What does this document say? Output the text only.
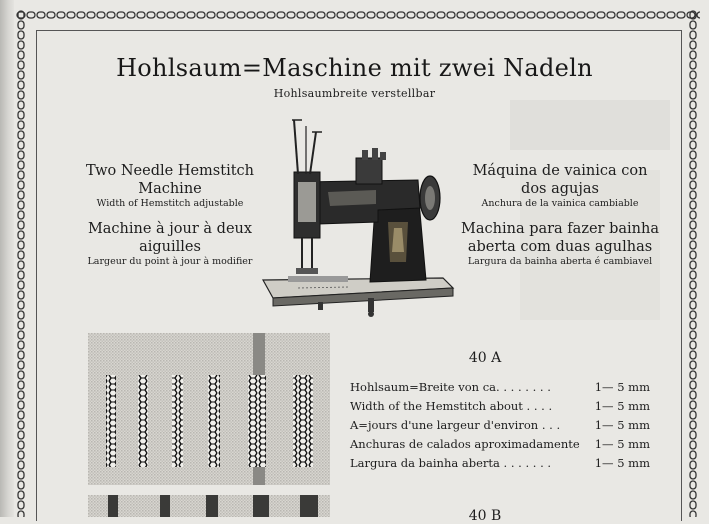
Hohlsaum=Maschine mit zwei Nadeln
Hohlsaumbreite verstellbar
Two Needle Hemstitch
Machine
Width of Hemstitch adjustable
Machine à jour à deux
aiguilles
Largeur du point à jour à modifier
Máquina de vainica con
dos agujas
Anchura de la vainica cambiable
Machina para fazer bainha
aberta com duas agulhas
Largura da bainha aberta é cambiavel
40 A
Hohlsaum=Breite von ca. . . . . . . .	1— 5 mm
Width of the Hemstitch about . . . .	1— 5 mm
A=jours d'une largeur d'environ . . .	1— 5 mm
Anchuras de calados aproximadamente	1— 5 mm
Largura da bainha aberta . . . . . . .	1— 5 mm
40 B
